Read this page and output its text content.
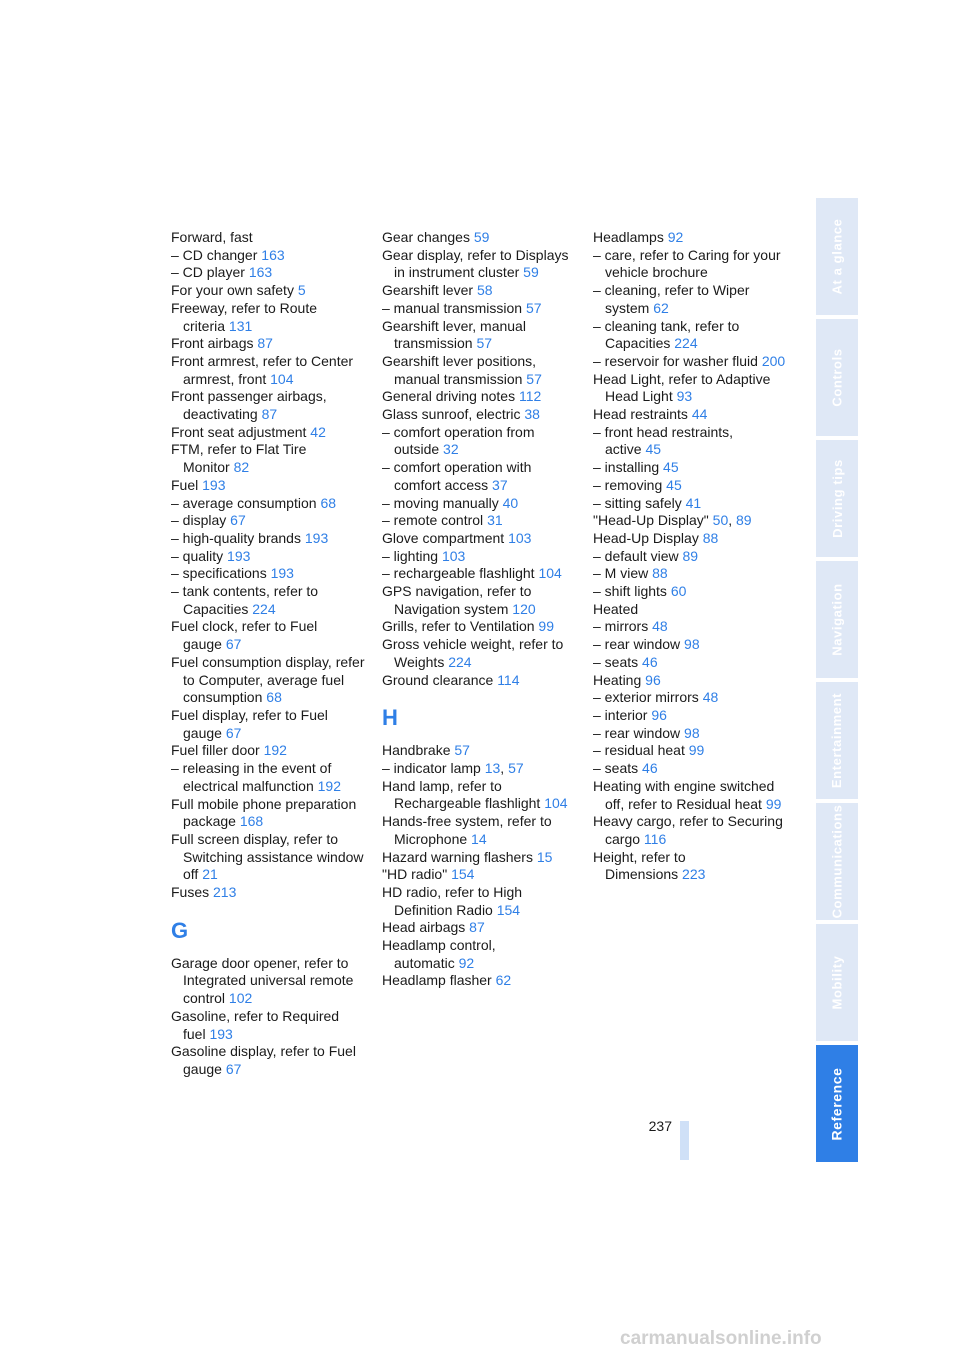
Forward, fast
– CD changer 163
– CD player 163
For your own safety 5
Freeway, refer to Route criteria 131
Front airbags 87
Front armrest, refer to Center armrest, front 104
Front passenger airbags, deactivating 87
Front seat adjustment 42
FTM, refer to Flat Tire Monitor 82
Fuel 193
– average consumption 68
– display 67
– high-quality brands 193
– quality 193
– specifications 193
– tank contents, refer to Capacities 224
Fuel clock, refer to Fuel gauge 67
Fuel consumption display, refer to Computer, average fuel consumption 68
Fuel display, refer to Fuel gauge 67
Fuel filler door 192
– releasing in the event of electrical malfunction 192
Full mobile phone preparation package 168
Full screen display, refer to Switching assistance window off 21
Fuses 213
G
Garage door opener, refer to Integrated universal remote control 102
Gasoline, refer to Required fuel 193
Gasoline display, refer to Fuel gauge 67
Gear changes 59
Gear display, refer to Displays in instrument cluster 59
Gearshift lever 58
– manual transmission 57
Gearshift lever, manual transmission 57
Gearshift lever positions, manual transmission 57
General driving notes 112
Glass sunroof, electric 38
– comfort operation from outside 32
– comfort operation with comfort access 37
– moving manually 40
– remote control 31
Glove compartment 103
– lighting 103
– rechargeable flashlight 104
GPS navigation, refer to Navigation system 120
Grills, refer to Ventilation 99
Gross vehicle weight, refer to Weights 224
Ground clearance 114
H
Handbrake 57
– indicator lamp 13, 57
Hand lamp, refer to Rechargeable flashlight 104
Hands-free system, refer to Microphone 14
Hazard warning flashers 15
"HD radio" 154
HD radio, refer to High Definition Radio 154
Head airbags 87
Headlamp control, automatic 92
Headlamp flasher 62
Headlamps 92
– care, refer to Caring for your vehicle brochure
– cleaning, refer to Wiper system 62
– cleaning tank, refer to Capacities 224
– reservoir for washer fluid 200
Head Light, refer to Adaptive Head Light 93
Head restraints 44
– front head restraints, active 45
– installing 45
– removing 45
– sitting safely 41
"Head-Up Display" 50, 89
Head-Up Display 88
– default view 89
– M view 88
– shift lights 60
Heated
– mirrors 48
– rear window 98
– seats 46
Heating 96
– exterior mirrors 48
– interior 96
– rear window 98
– residual heat 99
– seats 46
Heating with engine switched off, refer to Residual heat 99
Heavy cargo, refer to Securing cargo 116
Height, refer to Dimensions 223
At a glance
Controls
Driving tips
Navigation
Entertainment
Communications
Mobility
Reference
237
carmanualsonline.info
